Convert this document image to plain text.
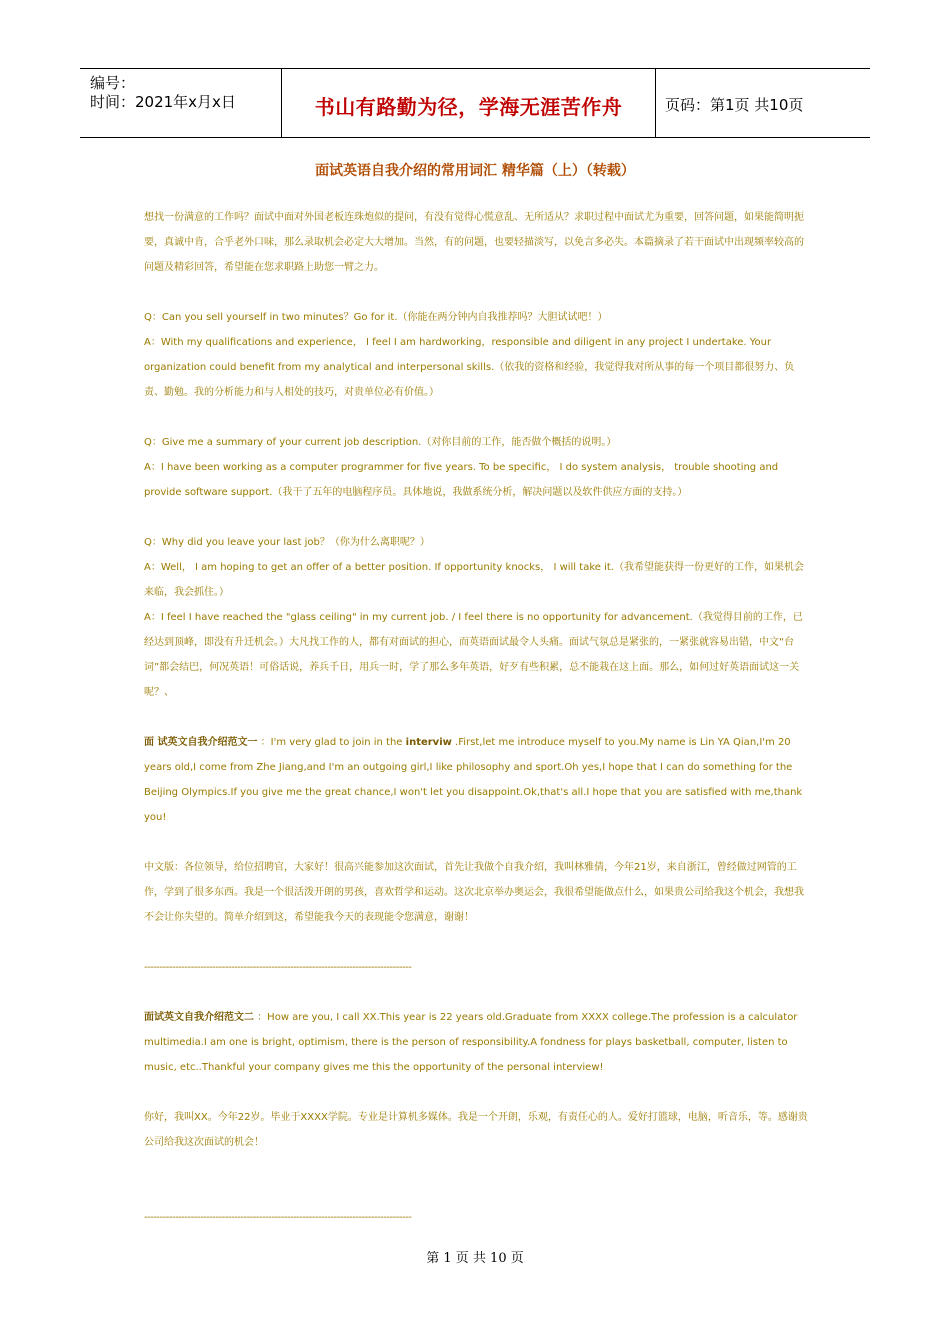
编号：
时间：2021年x月x日	书山有路勤为径，学海无涯苦作舟	页码：第1页 共10页
面试英语自我介绍的常用词汇 精华篇（上）（转载）

想找一份满意的工作吗？面试中面对外国老板连珠炮似的提问，有没有觉得心慌意乱、无所适从？求职过程中面试尤为重要，回答问题，如果能简明扼要，真诚中肯，合乎老外口味，那么录取机会必定大大增加。当然，有的问题，也要轻描淡写，以免言多必失。本篇摘录了若干面试中出现频率较高的问题及精彩回答，希望能在您求职路上助您一臂之力。

Q：Can you sell yourself in two minutes？Go for it.（你能在两分钟内自我推荐吗？大胆试试吧！）

A：With my qualifications and experience， I feel I am hardworking，responsible and diligent in any project I undertake. Your organization could benefit from my analytical and interpersonal skills.（依我的资格和经验，我觉得我对所从事的每一个项目都很努力、负责、勤勉。我的分析能力和与人相处的技巧，对贵单位必有价值。）

Q：Give me a summary of your current job description.（对你目前的工作，能否做个概括的说明。）

A：I have been working as a computer programmer for five years. To be specific， I do system analysis， trouble shooting and provide software support.（我干了五年的电脑程序员。具体地说，我做系统分析，解决问题以及软件供应方面的支持。）

Q：Why did you leave your last job？（你为什么离职呢？）

A：Well， I am hoping to get an offer of a better position. If opportunity knocks， I will take it.（我希望能获得一份更好的工作，如果机会来临，我会抓住。）

A：I feel I have reached the "glass ceiling" in my current job. / I feel there is no opportunity for advancement.（我觉得目前的工作，已经达到顶峰，即没有升迁机会。）大凡找工作的人，都有对面试的担心，而英语面试最令人头痛。面试气氛总是紧张的，一紧张就容易出错，中文“台词”都会结巴，何况英语！可俗话说，养兵千日，用兵一时，学了那么多年英语，好歹有些积累，总不能栽在这上面。那么，如何过好英语面试这一关呢？、

面 试英文自我介绍范文一 ：I'm very glad to join in the interviw .First,let me introduce myself to you.My name is Lin YA Qian,I'm 20 years old,I come from Zhe Jiang,and I'm an outgoing girl,I like philosophy and sport.Oh yes,I hope that I can do something for the Beijing Olympics.If you give me the great chance,I won't let you disappoint.Ok,that's all.I hope that you are satisfied with me,thank you!

中文版：各位领导，给位招聘官，大家好！很高兴能参加这次面试，首先让我做个自我介绍，我叫林雅倩，今年21岁，来自浙江，曾经做过网管的工作，学到了很多东西。我是一个很活泼开朗的男孩，喜欢哲学和运动。这次北京举办奥运会，我很希望能做点什么，如果贵公司给我这个机会，我想我不会让你失望的。简单介绍到这，希望能我今天的表现能令您满意，谢谢！

--------------------------------------------------------------------------------------

面试英文自我介绍范文二 ：How are you, I call XX.This year is 22 years old.Graduate from XXXX college.The profession is a calculator multimedia.I am one is bright, optimism, there is the person of responsibility.A fondness for plays basketball, computer, listen to music, etc..Thankful your company gives me this the opportunity of the personal interview!

你好，我叫XX。今年22岁。毕业于XXXX学院。专业是计算机多媒体。我是一个开朗，乐观，有责任心的人。爱好打篮球，电脑，听音乐，等。感谢贵公司给我这次面试的机会！

--------------------------------------------------------------------------------------

第 1 页 共 10 页
